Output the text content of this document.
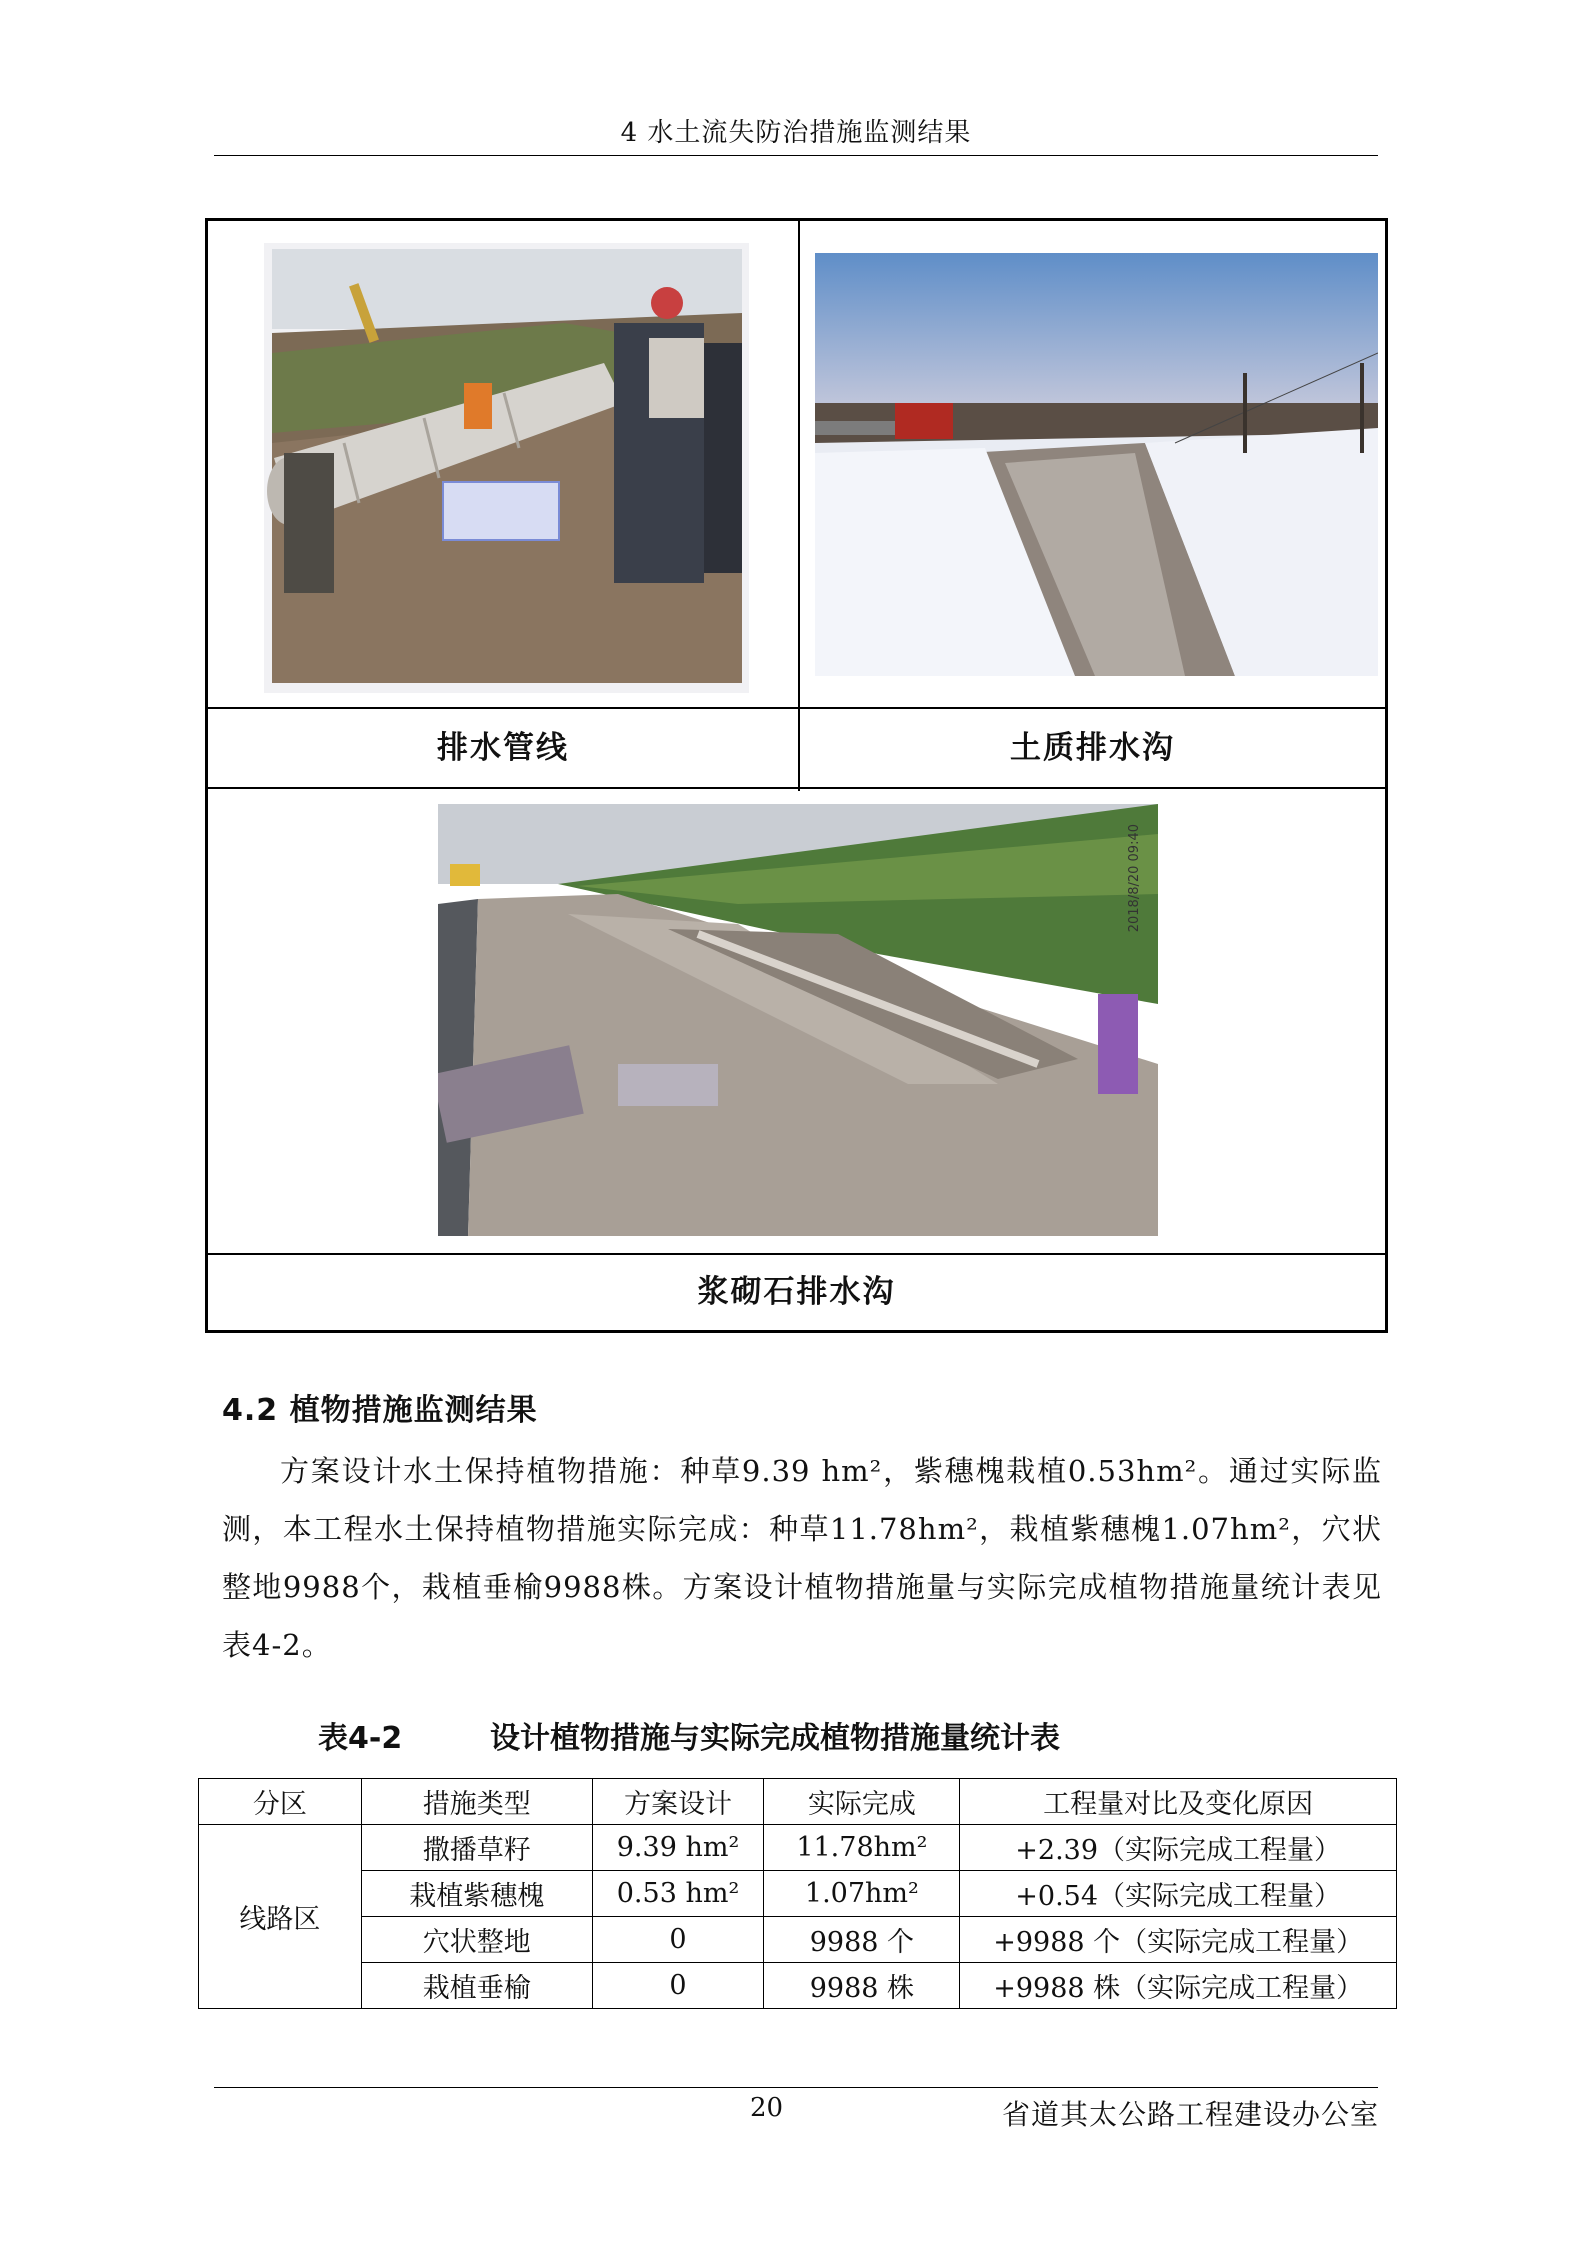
4 水土流失防治措施监测结果
排水管线	土质排水沟
2018/8/20 09:40
浆砌石排水沟
4.2 植物措施监测结果

方案设计水土保持植物措施：种草9.39 hm²，紫穗槐栽植0.53hm²。通过实际监测，本工程水土保持植物措施实际完成：种草11.78hm²，栽植紫穗槐1.07hm²，穴状整地9988个，栽植垂榆9988株。方案设计植物措施量与实际完成植物措施量统计表见表4-2。

表4-2	设计植物措施与实际完成植物措施量统计表
分区	措施类型	方案设计	实际完成	工程量对比及变化原因
线路区	撒播草籽	9.39 hm²	11.78hm²	+2.39（实际完成工程量）
	栽植紫穗槐	0.53 hm²	1.07hm²	+0.54（实际完成工程量）
	穴状整地	0	9988 个	+9988 个（实际完成工程量）
	栽植垂榆	0	9988 株	+9988 株（实际完成工程量）
20	省道其太公路工程建设办公室
